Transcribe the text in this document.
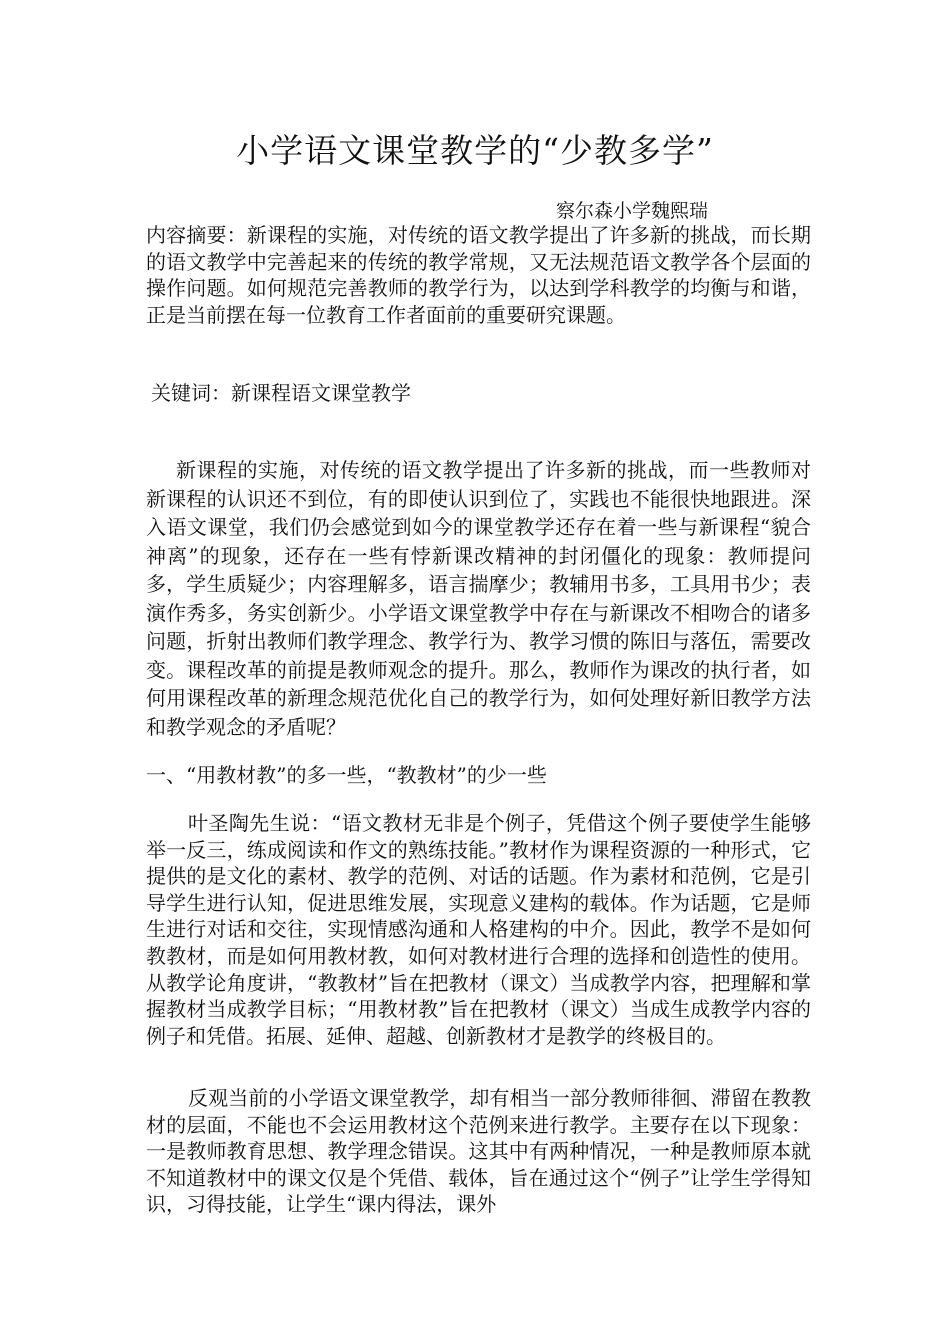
小学语文课堂教学的“少教多学”
察尔森小学魏熙瑞

内容摘要：新课程的实施，对传统的语文教学提出了许多新的挑战，而长期的语文教学中完善起来的传统的教学常规，又无法规范语文教学各个层面的操作问题。如何规范完善教师的教学行为，以达到学科教学的均衡与和谐，正是当前摆在每一位教育工作者面前的重要研究课题。

关键词：新课程语文课堂教学

新课程的实施，对传统的语文教学提出了许多新的挑战，而一些教师对新课程的认识还不到位，有的即使认识到位了，实践也不能很快地跟进。深入语文课堂，我们仍会感觉到如今的课堂教学还存在着一些与新课程“貌合神离”的现象，还存在一些有悖新课改精神的封闭僵化的现象：教师提问多，学生质疑少；内容理解多，语言揣摩少；教辅用书多，工具用书少；表演作秀多，务实创新少。小学语文课堂教学中存在与新课改不相吻合的诸多问题，折射出教师们教学理念、教学行为、教学习惯的陈旧与落伍，需要改变。课程改革的前提是教师观念的提升。那么，教师作为课改的执行者，如何用课程改革的新理念规范优化自己的教学行为，如何处理好新旧教学方法和教学观念的矛盾呢？

一、“用教材教”的多一些，“教教材”的少一些

叶圣陶先生说：“语文教材无非是个例子，凭借这个例子要使学生能够举一反三，练成阅读和作文的熟练技能。”教材作为课程资源的一种形式，它提供的是文化的素材、教学的范例、对话的话题。作为素材和范例，它是引导学生进行认知，促进思维发展，实现意义建构的载体。作为话题，它是师生进行对话和交往，实现情感沟通和人格建构的中介。因此，教学不是如何教教材，而是如何用教材教，如何对教材进行合理的选择和创造性的使用。从教学论角度讲，“教教材”旨在把教材（课文）当成教学内容，把理解和掌握教材当成教学目标；“用教材教”旨在把教材（课文）当成生成教学内容的例子和凭借。拓展、延伸、超越、创新教材才是教学的终极目的。

反观当前的小学语文课堂教学，却有相当一部分教师徘徊、滞留在教教材的层面，不能也不会运用教材这个范例来进行教学。主要存在以下现象：一是教师教育思想、教学理念错误。这其中有两种情况，一种是教师原本就不知道教材中的课文仅是个凭借、载体，旨在通过这个“例子”让学生学得知识，习得技能，让学生“课内得法，课外
